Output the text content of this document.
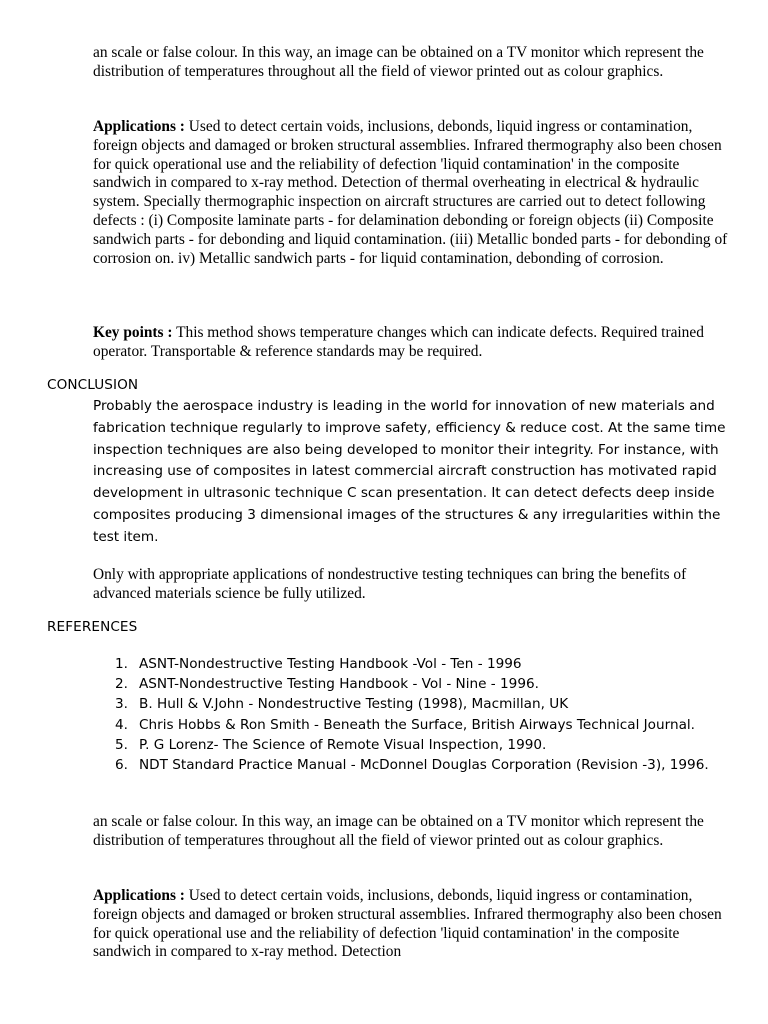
an scale or false colour. In this way, an image can be obtained on a TV monitor which represent the distribution of temperatures throughout all the field of viewor printed out as colour graphics.

Applications : Used to detect certain voids, inclusions, debonds, liquid ingress or contamination, foreign objects and damaged or broken structural assemblies. Infrared thermography also been chosen for quick operational use and the reliability of defection 'liquid contamination' in the composite sandwich in compared to x-ray method. Detection of thermal overheating in electrical & hydraulic system. Specially thermographic inspection on aircraft structures are carried out to detect following defects : (i) Composite laminate parts - for delamination debonding or foreign objects (ii) Composite sandwich parts - for debonding and liquid contamination. (iii) Metallic bonded parts - for debonding of corrosion on. iv) Metallic sandwich parts - for liquid contamination, debonding of corrosion.

Key points : This method shows temperature changes which can indicate defects. Required trained operator. Transportable & reference standards may be required.

CONCLUSION

Probably the aerospace industry is leading in the world for innovation of new materials and fabrication technique regularly to improve safety, efficiency & reduce cost. At the same time inspection techniques are also being developed to monitor their integrity. For instance, with increasing use of composites in latest commercial aircraft construction has motivated rapid development in ultrasonic technique C scan presentation. It can detect defects deep inside composites producing 3 dimensional images of the structures & any irregularities within the test item.

Only with appropriate applications of nondestructive testing techniques can bring the benefits of advanced materials science be fully utilized.

REFERENCES
1. ASNT-Nondestructive Testing Handbook -Vol - Ten - 1996
2. ASNT-Nondestructive Testing Handbook - Vol - Nine - 1996.
3. B. Hull & V.John - Nondestructive Testing (1998), Macmillan, UK
4. Chris Hobbs & Ron Smith - Beneath the Surface, British Airways Technical Journal.
5. P. G Lorenz- The Science of Remote Visual Inspection, 1990.
6. NDT Standard Practice Manual - McDonnel Douglas Corporation (Revision -3), 1996.

an scale or false colour. In this way, an image can be obtained on a TV monitor which represent the distribution of temperatures throughout all the field of viewor printed out as colour graphics.

Applications : Used to detect certain voids, inclusions, debonds, liquid ingress or contamination, foreign objects and damaged or broken structural assemblies. Infrared thermography also been chosen for quick operational use and the reliability of defection 'liquid contamination' in the composite sandwich in compared to x-ray method. Detection
